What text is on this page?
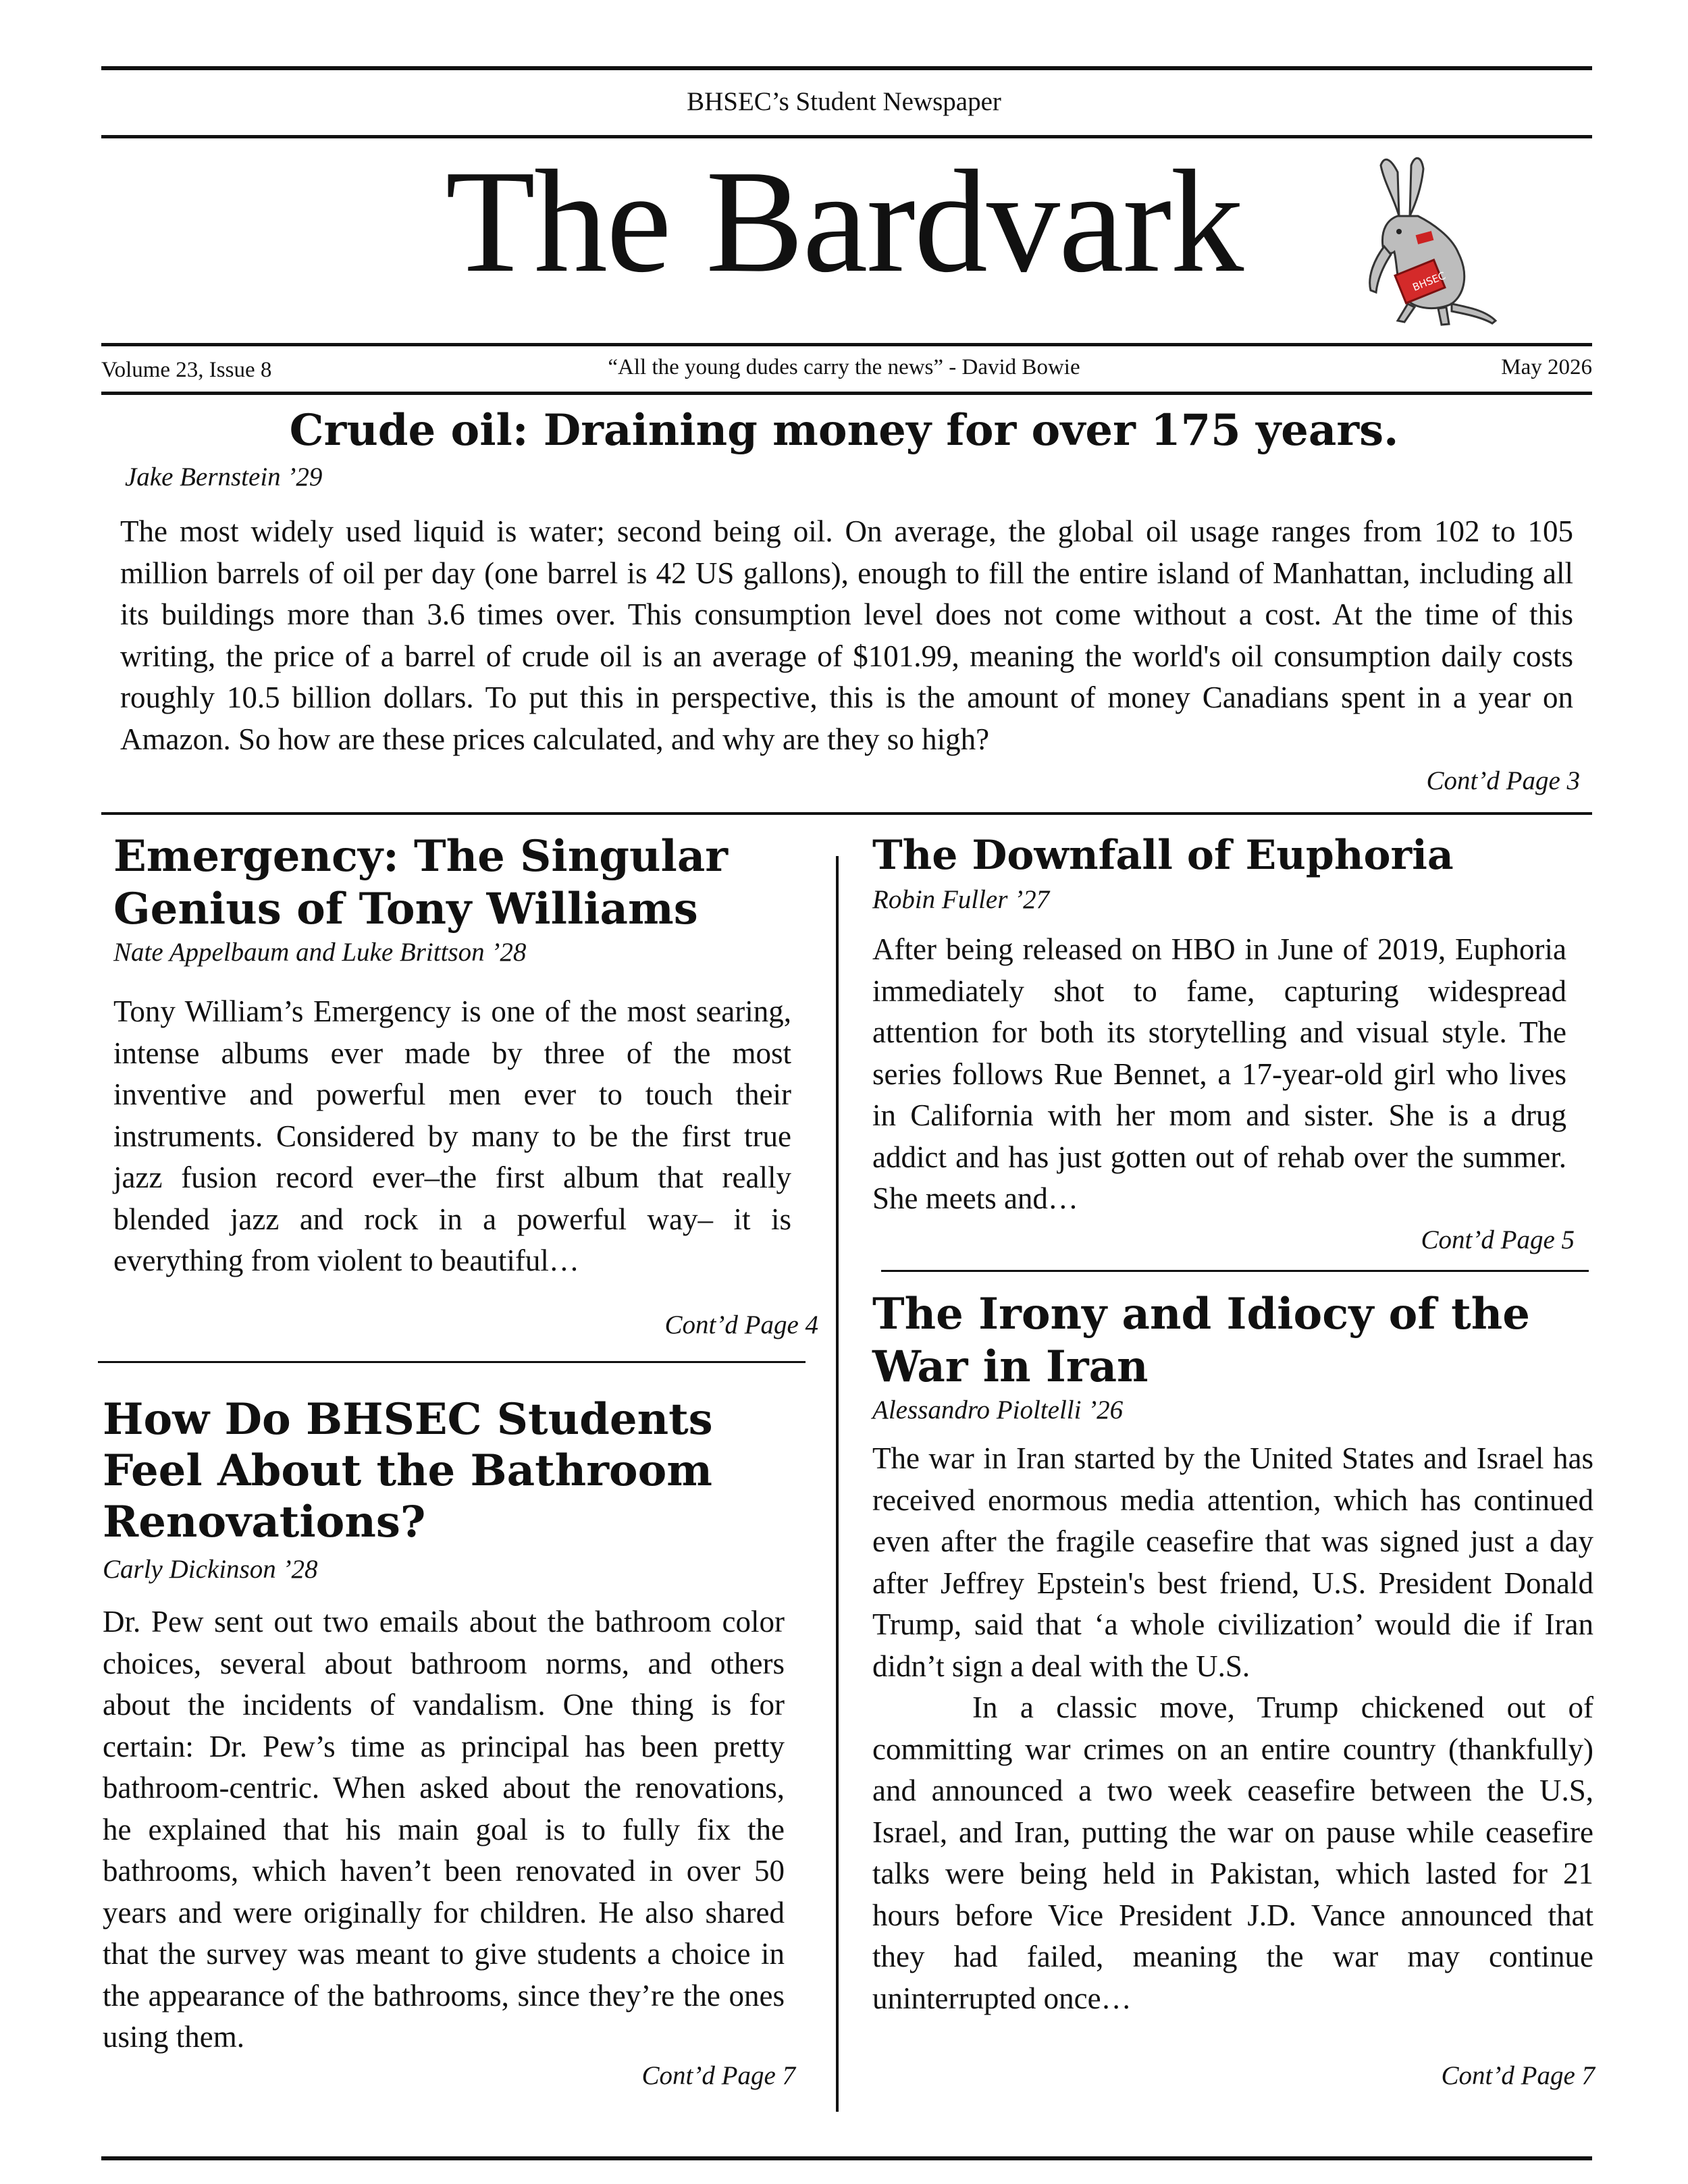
BHSEC’s Student Newspaper
The Bardvark	BHSEC
Volume 23, Issue 8	“All the young dudes carry the news” - David Bowie	May 2026
Crude oil: Draining money for over 175 years.
Jake Bernstein ’29
The most widely used liquid is water; second being oil. On average, the global oil usage ranges from 102 to 105 million barrels of oil per day (one barrel is 42 US gallons), enough to fill the entire island of Manhattan, including all its buildings more than 3.6 times over. This consumption level does not come without a cost. At the time of this writing, the price of a barrel of crude oil is an average of $101.99, meaning the world's oil consumption daily costs roughly 10.5 billion dollars. To put this in perspective, this is the amount of money Canadians spent in a year on Amazon. So how are these prices calculated, and why are they so high?
Cont’d Page 3
Emergency: The Singular Genius of Tony Williams
Nate Appelbaum and Luke Brittson ’28
Tony William’s Emergency is one of the most searing, intense albums ever made by three of the most inventive and powerful men ever to touch their instruments. Considered by many to be the first true jazz fusion record ever–the first album that really blended jazz and rock in a powerful way– it is everything from violent to beautiful…
Cont’d Page 4
How Do BHSEC Students Feel About the Bathroom Renovations?
Carly Dickinson ’28
Dr. Pew sent out two emails about the bathroom color choices, several about bathroom norms, and others about the incidents of vandalism. One thing is for certain: Dr. Pew’s time as principal has been pretty bathroom-centric. When asked about the renovations, he explained that his main goal is to fully fix the bathrooms, which haven’t been renovated in over 50 years and were originally for children. He also shared that the survey was meant to give students a choice in the appearance of the bathrooms, since they’re the ones using them.
Cont’d Page 7
The Downfall of Euphoria
Robin Fuller ’27
After being released on HBO in June of 2019, Euphoria immediately shot to fame, capturing widespread attention for both its storytelling and visual style. The series follows Rue Bennet, a 17-year-old girl who lives in California with her mom and sister. She is a drug addict and has just gotten out of rehab over the summer. She meets and…
Cont’d Page 5
The Irony and Idiocy of the War in Iran
Alessandro Pioltelli ’26

The war in Iran started by the United States and Israel has received enormous media attention, which has continued even after the fragile ceasefire that was signed just a day after Jeffrey Epstein's best friend, U.S. President Donald Trump, said that ‘a whole civilization’ would die if Iran didn’t sign a deal with the U.S.

In a classic move, Trump chickened out of committing war crimes on an entire country (thankfully) and announced a two week ceasefire between the U.S, Israel, and Iran, putting the war on pause while ceasefire talks were being held in Pakistan, which lasted for 21 hours before Vice President J.D. Vance announced that they had failed, meaning the war may continue uninterrupted once…

Cont’d Page 7
